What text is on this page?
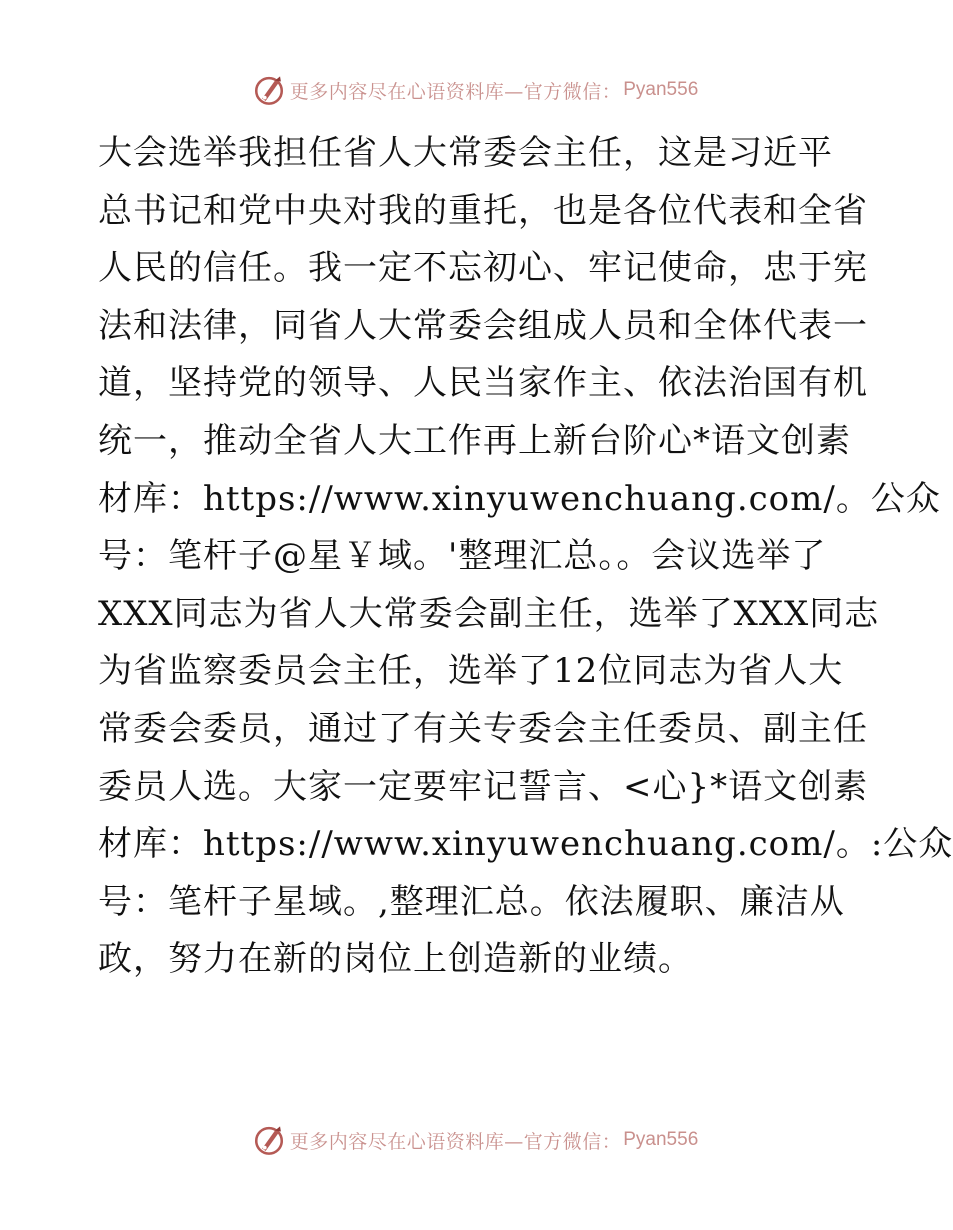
更多内容尽在心语资料库—官方微信： Pyan556
大会选举我担任省人大常委会主任，这是习近平
总书记和党中央对我的重托，也是各位代表和全省
人民的信任。我一定不忘初心、牢记使命，忠于宪
法和法律，同省人大常委会组成人员和全体代表一
道，坚持党的领导、人民当家作主、依法治国有机
统一，推动全省人大工作再上新台阶心*语文创素
材库：https://www.xinyuwenchuang.com/。公众
号：笔杆子@星￥域。'整理汇总。。会议选举了
XXX同志为省人大常委会副主任，选举了XXX同志
为省监察委员会主任，选举了12位同志为省人大
常委会委员，通过了有关专委会主任委员、副主任
委员人选。大家一定要牢记誓言、<心}*语文创素
材库：https://www.xinyuwenchuang.com/。:公众
号：笔杆子星域。,整理汇总。依法履职、廉洁从
政，努力在新的岗位上创造新的业绩。
更多内容尽在心语资料库—官方微信： Pyan556
